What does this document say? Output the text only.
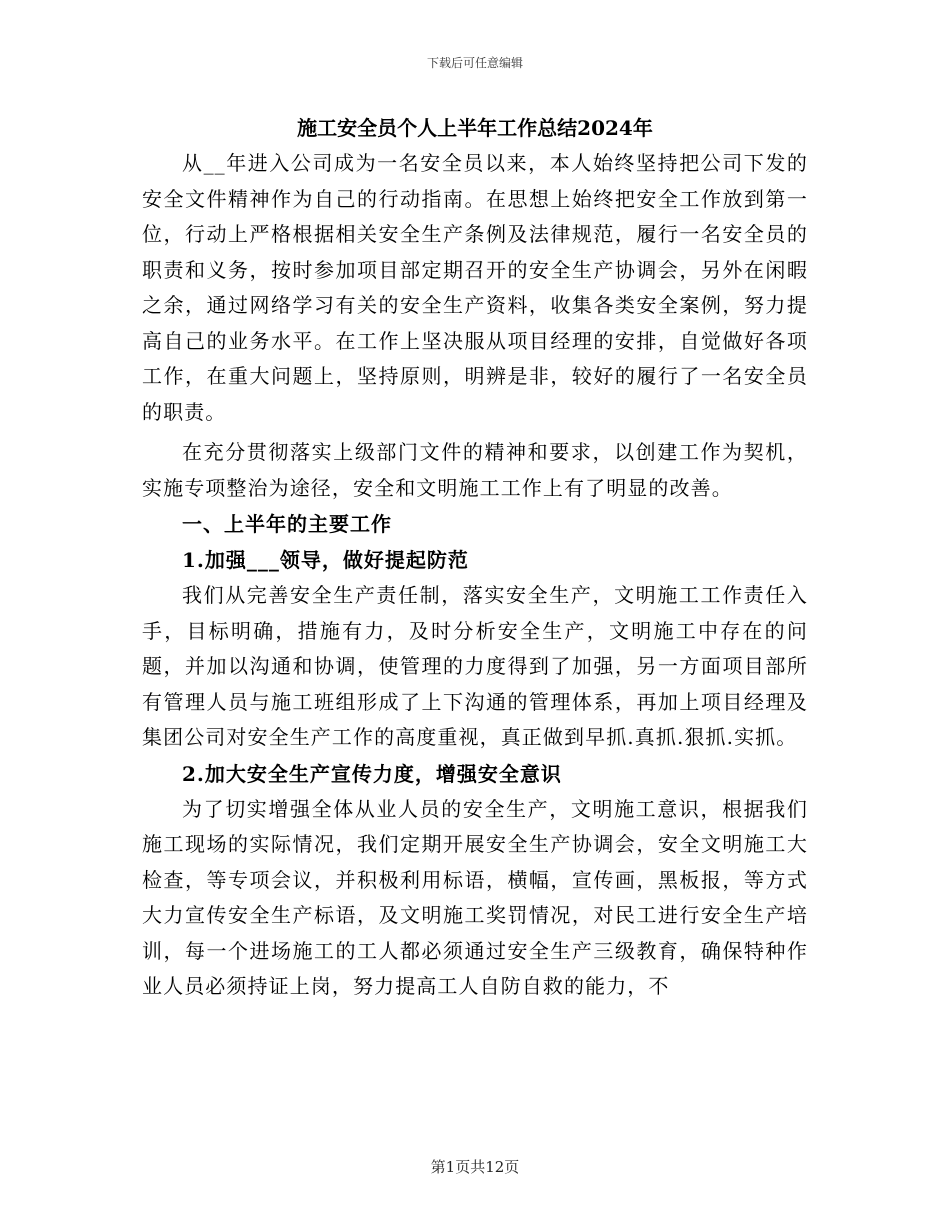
下载后可任意编辑
施工安全员个人上半年工作总结2024年

从__年进入公司成为一名安全员以来，本人始终坚持把公司下发的安全文件精神作为自己的行动指南。在思想上始终把安全工作放到第一位，行动上严格根据相关安全生产条例及法律规范，履行一名安全员的职责和义务，按时参加项目部定期召开的安全生产协调会，另外在闲暇之余，通过网络学习有关的安全生产资料，收集各类安全案例，努力提高自己的业务水平。在工作上坚决服从项目经理的安排，自觉做好各项工作，在重大问题上，坚持原则，明辨是非，较好的履行了一名安全员的职责。

在充分贯彻落实上级部门文件的精神和要求，以创建工作为契机，实施专项整治为途径，安全和文明施工工作上有了明显的改善。

一、上半年的主要工作

1.加强___领导，做好提起防范

我们从完善安全生产责任制，落实安全生产，文明施工工作责任入手，目标明确，措施有力，及时分析安全生产，文明施工中存在的问题，并加以沟通和协调，使管理的力度得到了加强，另一方面项目部所有管理人员与施工班组形成了上下沟通的管理体系，再加上项目经理及集团公司对安全生产工作的高度重视，真正做到早抓.真抓.狠抓.实抓。

2.加大安全生产宣传力度，增强安全意识

为了切实增强全体从业人员的安全生产，文明施工意识，根据我们施工现场的实际情况，我们定期开展安全生产协调会，安全文明施工大检查，等专项会议，并积极利用标语，横幅，宣传画，黑板报，等方式大力宣传安全生产标语，及文明施工奖罚情况，对民工进行安全生产培训，每一个进场施工的工人都必须通过安全生产三级教育，确保特种作业人员必须持证上岗，努力提高工人自防自救的能力，不

第1页共12页
